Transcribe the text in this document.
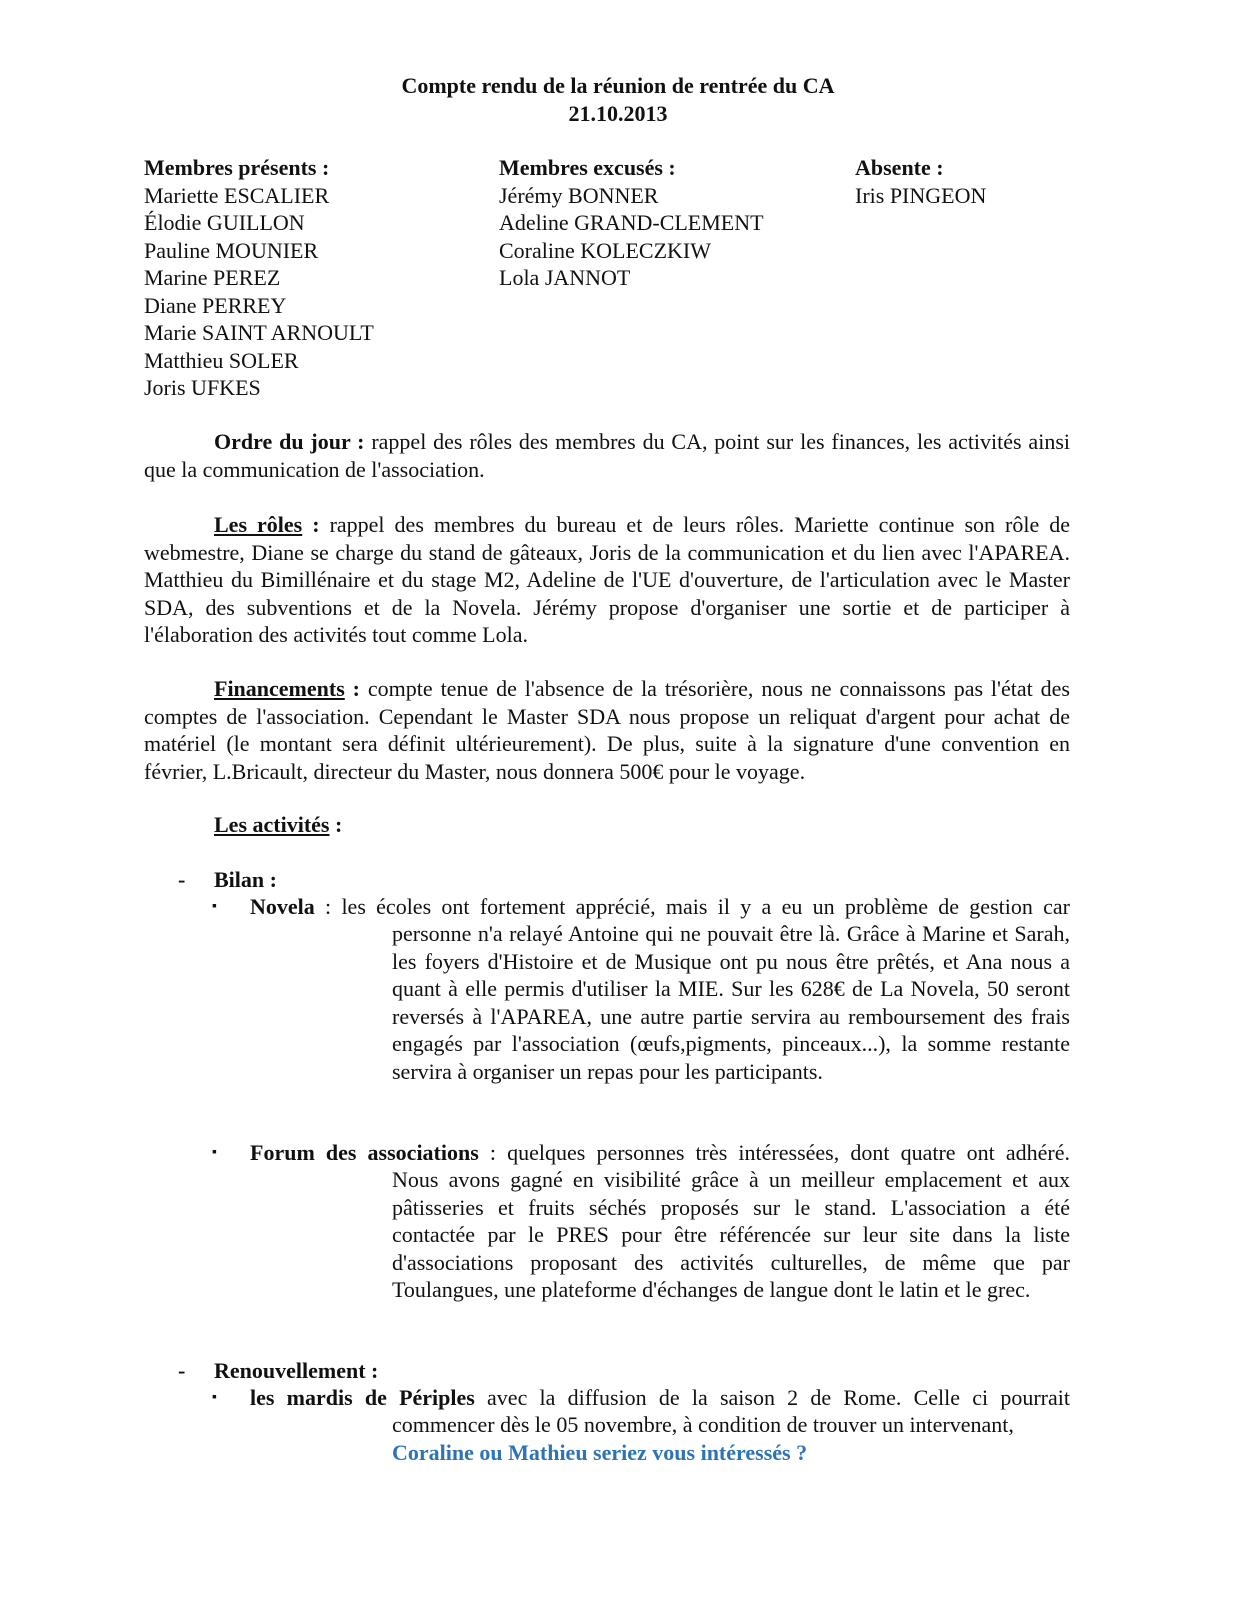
Compte rendu de la réunion de rentrée du CA
21.10.2013
Membres présents :
Mariette ESCALIER
Élodie GUILLON
Pauline MOUNIER
Marine PEREZ
Diane PERREY
Marie SAINT ARNOULT
Matthieu SOLER
Joris UFKES
Membres excusés :
Jérémy BONNER
Adeline GRAND-CLEMENT
Coraline KOLECZKIW
Lola JANNOT
Absente :
Iris PINGEON
Ordre du jour : rappel des rôles des membres du CA, point sur les finances, les activités ainsi que la communication de l'association.
Les rôles : rappel des membres du bureau et de leurs rôles. Mariette continue son rôle de webmestre, Diane se charge du stand de gâteaux, Joris de la communication et du lien avec l'APAREA. Matthieu du Bimillénaire et du stage M2, Adeline de l'UE d'ouverture, de l'articulation avec le Master SDA, des subventions et de la Novela. Jérémy propose d'organiser une sortie et de participer à l'élaboration des activités tout comme Lola.
Financements : compte tenue de l'absence de la trésorière, nous ne connaissons pas l'état des comptes de l'association. Cependant le Master SDA nous propose un reliquat d'argent pour achat de matériel (le montant sera définit ultérieurement). De plus, suite à la signature d'une convention en février, L.Bricault, directeur du Master, nous donnera 500€ pour le voyage.
Les activités :
- Bilan :
▪ Novela : les écoles ont fortement apprécié, mais il y a eu un problème de gestion car
personne n'a relayé Antoine qui ne pouvait être là. Grâce à Marine et Sarah, les foyers d'Histoire et de Musique ont pu nous être prêtés, et Ana nous a quant à elle permis d'utiliser la MIE. Sur les 628€ de La Novela, 50 seront reversés à l'APAREA, une autre partie servira au remboursement des frais engagés par l'association (œufs,pigments, pinceaux...), la somme restante servira à organiser un repas pour les participants.
▪ Forum des associations : quelques personnes très intéressées, dont quatre ont adhéré.
Nous avons gagné en visibilité grâce à un meilleur emplacement et aux pâtisseries et fruits séchés proposés sur le stand. L'association a été contactée par le PRES pour être référencée sur leur site dans la liste d'associations proposant des activités culturelles, de même que par Toulangues, une plateforme d'échanges de langue dont le latin et le grec.
- Renouvellement :
▪ les mardis de Périples avec la diffusion de la saison 2 de Rome. Celle ci pourrait
commencer dès le 05 novembre, à condition de trouver un intervenant,
Coraline ou Mathieu seriez vous intéressés ?
